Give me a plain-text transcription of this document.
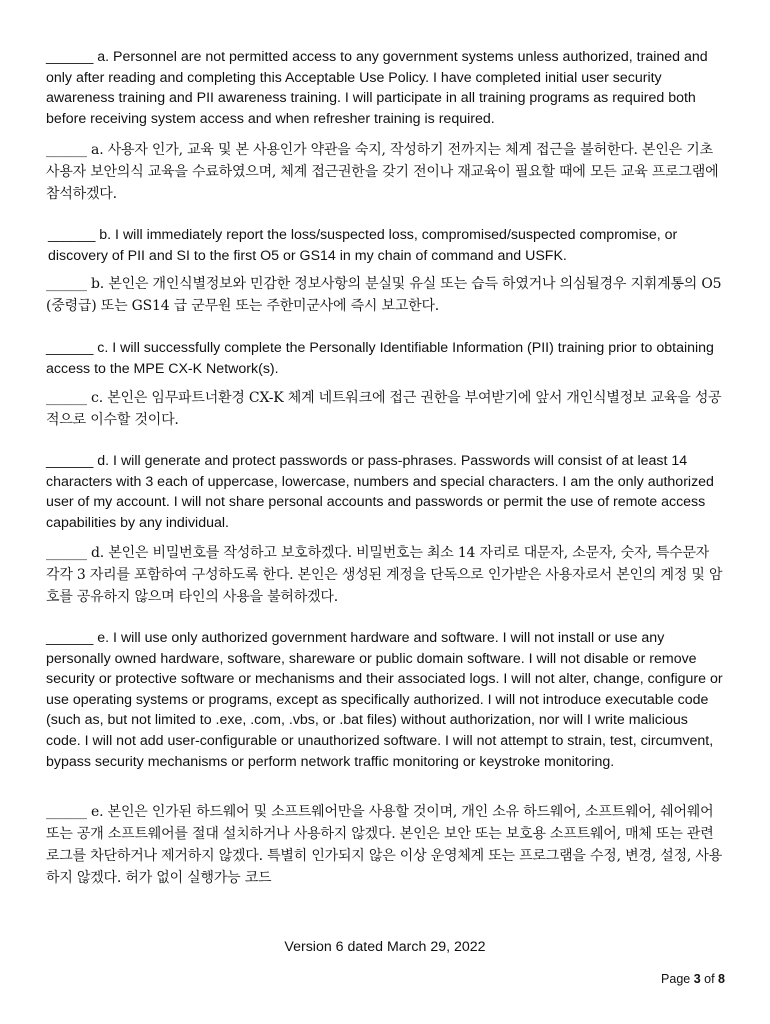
______ a. Personnel are not permitted access to any government systems unless authorized, trained and only after reading and completing this Acceptable Use Policy. I have completed initial user security awareness training and PII awareness training. I will participate in all training programs as required both before receiving system access and when refresher training is required.

______ a. 사용자 인가, 교육 및 본 사용인가 약관을 숙지, 작성하기 전까지는 체계 접근을 불허한다. 본인은 기초 사용자 보안의식 교육을 수료하였으며, 체계 접근권한을 갖기 전이나 재교육이 필요할 때에 모든 교육 프로그램에 참석하겠다.

______ b. I will immediately report the loss/suspected loss, compromised/suspected compromise, or discovery of PII and SI to the first O5 or GS14 in my chain of command and USFK.

______ b. 본인은 개인식별정보와 민감한 정보사항의 분실및 유실 또는 습득 하였거나 의심될경우 지휘계통의 O5 (중령급) 또는 GS14 급 군무원 또는 주한미군사에 즉시 보고한다.

______ c. I will successfully complete the Personally Identifiable Information (PII) training prior to obtaining access to the MPE CX-K Network(s).

______ c. 본인은 임무파트너환경 CX-K 체계 네트워크에 접근 권한을 부여받기에 앞서 개인식별정보 교육을 성공적으로 이수할 것이다.

______ d. I will generate and protect passwords or pass-phrases. Passwords will consist of at least 14 characters with 3 each of uppercase, lowercase, numbers and special characters. I am the only authorized user of my account. I will not share personal accounts and passwords or permit the use of remote access capabilities by any individual.

______ d. 본인은 비밀번호를 작성하고 보호하겠다. 비밀번호는 최소 14 자리로 대문자, 소문자, 숫자, 특수문자 각각 3 자리를 포함하여 구성하도록 한다. 본인은 생성된 계정을 단독으로 인가받은 사용자로서 본인의 계정 및 암호를 공유하지 않으며 타인의 사용을 불허하겠다.

______ e. I will use only authorized government hardware and software. I will not install or use any personally owned hardware, software, shareware or public domain software. I will not disable or remove security or protective software or mechanisms and their associated logs. I will not alter, change, configure or use operating systems or programs, except as specifically authorized. I will not introduce executable code (such as, but not limited to .exe, .com, .vbs, or .bat files) without authorization, nor will I write malicious code. I will not add user-configurable or unauthorized software. I will not attempt to strain, test, circumvent, bypass security mechanisms or perform network traffic monitoring or keystroke monitoring.

______ e. 본인은 인가된 하드웨어 및 소프트웨어만을 사용할 것이며, 개인 소유 하드웨어, 소프트웨어, 쉐어웨어 또는 공개 소프트웨어를 절대 설치하거나 사용하지 않겠다. 본인은 보안 또는 보호용 소프트웨어, 매체 또는 관련 로그를 차단하거나 제거하지 않겠다. 특별히 인가되지 않은 이상 운영체계 또는 프로그램을 수정, 변경, 설정, 사용하지 않겠다. 허가 없이 실행가능 코드

Version 6 dated March 29, 2022
Page 3 of 8
